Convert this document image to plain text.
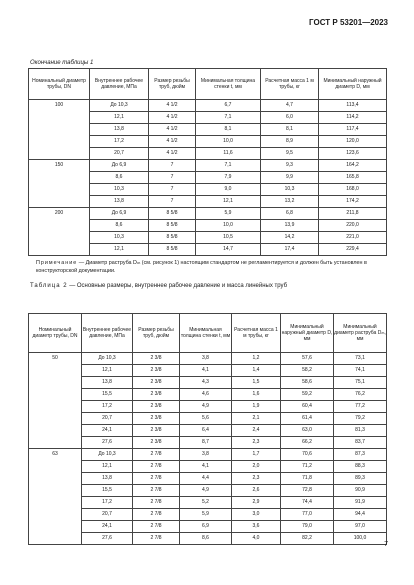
ГОСТ Р 53201—2023
Окончание таблицы 1
Номинальный диаметр трубы, DN	Внутреннее рабочее давление, МПа	Размер резьбы труб, дюйм	Минимальная толщина стенки t, мм	Расчетная масса 1 м трубы, кг	Минимальный наружный диаметр D, мм
100	До 10,3	4 1/2	6,7	4,7	113,4
	12,1	4 1/2	7,1	6,0	114,2
	13,8	4 1/2	8,1	8,1	117,4
	17,2	4 1/2	10,0	8,9	120,0
	20,7	4 1/2	11,6	9,5	123,6
150	До 6,9	7	7,1	9,3	164,2
	8,6	7	7,9	9,9	165,8
	10,3	7	9,0	10,3	168,0
	13,8	7	12,1	13,2	174,2
200	До 6,9	8 5/8	5,9	6,8	211,8
	8,6	8 5/8	10,0	13,9	220,0
	10,3	8 5/8	10,5	14,2	221,0
	12,1	8 5/8	14,7	17,4	229,4
Примечание — Диаметр раструба Dₘ (см. рисунок 1) настоящим стандартом не регламентируется и должен быть установлен в конструкторской документации.
Таблица 2 — Основные размеры, внутреннее рабочее давление и масса линейных труб
Номинальный диаметр трубы, DN	Внутреннее рабочее давление, МПа	Размер резьбы труб, дюйм	Минимальная толщина стенки t, мм	Расчетная масса 1 м трубы, кг	Минимальный наружный диаметр D, мм	Минимальный диаметр раструба Dₘ, мм
50	До 10,3	2 3/8	3,8	1,2	57,6	73,1
	12,1	2 3/8	4,1	1,4	58,2	74,1
	13,8	2 3/8	4,3	1,5	58,6	75,1
	15,5	2 3/8	4,6	1,6	59,2	76,2
	17,2	2 3/8	4,9	1,9	60,4	77,2
	20,7	2 3/8	5,6	2,1	61,4	79,2
	24,1	2 3/8	6,4	2,4	63,0	81,3
	27,6	2 3/8	8,7	2,3	66,2	83,7
63	До 10,3	2 7/8	3,8	1,7	70,6	87,3
	12,1	2 7/8	4,1	2,0	71,2	88,3
	13,8	2 7/8	4,4	2,3	71,8	89,3
	15,5	2 7/8	4,9	2,6	72,8	90,9
	17,2	2 7/8	5,2	2,9	74,4	91,9
	20,7	2 7/8	5,9	3,0	77,0	94,4
	24,1	2 7/8	6,9	3,6	79,0	97,0
	27,6	2 7/8	8,6	4,0	82,2	100,0
7
